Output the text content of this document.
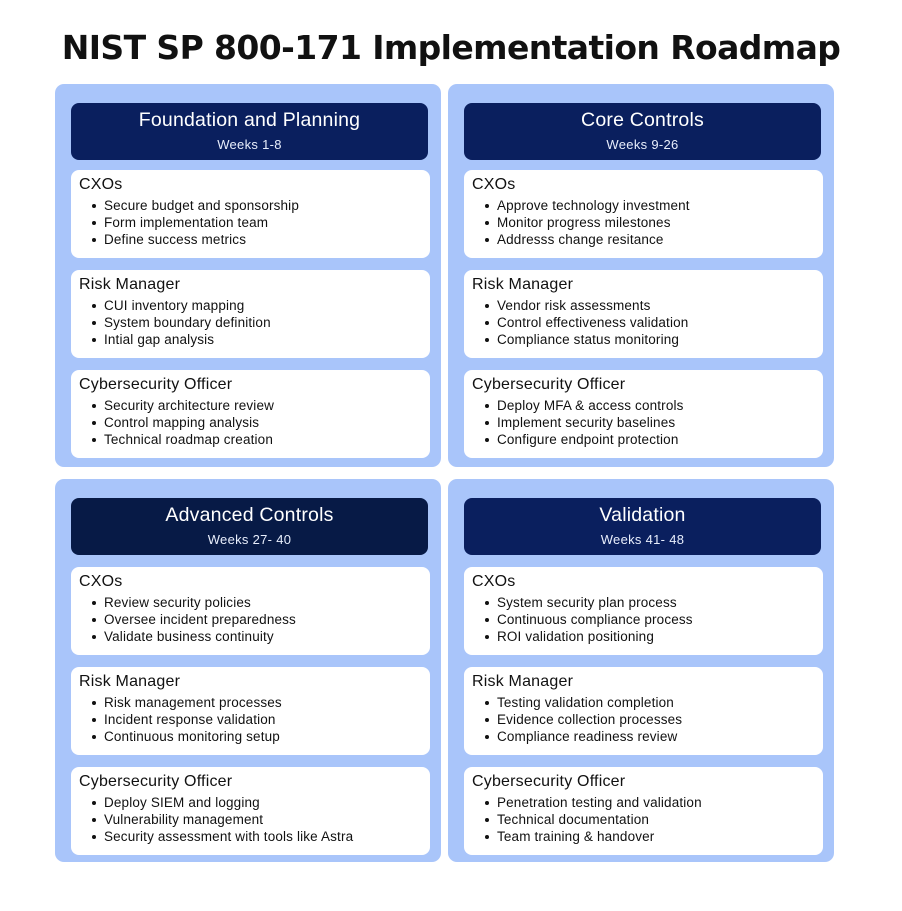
NIST SP 800-171 Implementation Roadmap
Foundation and Planning
Weeks 1-8
CXOs
Secure budget and sponsorship
Form implementation team
Define success metrics
Risk Manager
CUI inventory mapping
System boundary definition
Intial gap analysis
Cybersecurity Officer
Security architecture review
Control mapping analysis
Technical roadmap creation
Core Controls
Weeks 9-26
CXOs
Approve technology investment
Monitor progress milestones
Addresss change resitance
Risk Manager
Vendor risk assessments
Control effectiveness validation
Compliance status monitoring
Cybersecurity Officer
Deploy MFA & access controls
Implement security baselines
Configure endpoint protection
Advanced Controls
Weeks 27- 40
CXOs
Review security policies
Oversee incident preparedness
Validate business continuity
Risk Manager
Risk management processes
Incident response validation
Continuous monitoring setup
Cybersecurity Officer
Deploy SIEM and logging
Vulnerability management
Security assessment with tools like Astra
Validation
Weeks 41- 48
CXOs
System security plan process
Continuous compliance process
ROI validation positioning
Risk Manager
Testing validation completion
Evidence collection processes
Compliance readiness review
Cybersecurity Officer
Penetration testing and validation
Technical documentation
Team training & handover
